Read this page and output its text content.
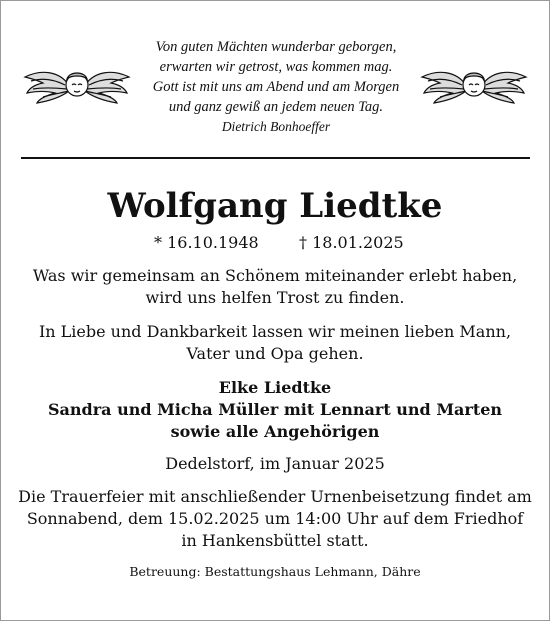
Von guten Mächten wunderbar geborgen,
erwarten wir getrost, was kommen mag.
Gott ist mit uns am Abend und am Morgen
und ganz gewiß an jedem neuen Tag.
Dietrich Bonhoeffer
Wolfgang Liedtke
* 16.10.1948	† 18.01.2025
Was wir gemeinsam an Schönem miteinander erlebt haben,
wird uns helfen Trost zu finden.
In Liebe und Dankbarkeit lassen wir meinen lieben Mann,
Vater und Opa gehen.
Elke Liedtke
Sandra und Micha Müller mit Lennart und Marten
sowie alle Angehörigen
Dedelstorf, im Januar 2025
Die Trauerfeier mit anschließender Urnenbeisetzung findet am
Sonnabend, dem 15.02.2025 um 14:00 Uhr auf dem Friedhof
in Hankensbüttel statt.
Betreuung: Bestattungshaus Lehmann, Dähre
